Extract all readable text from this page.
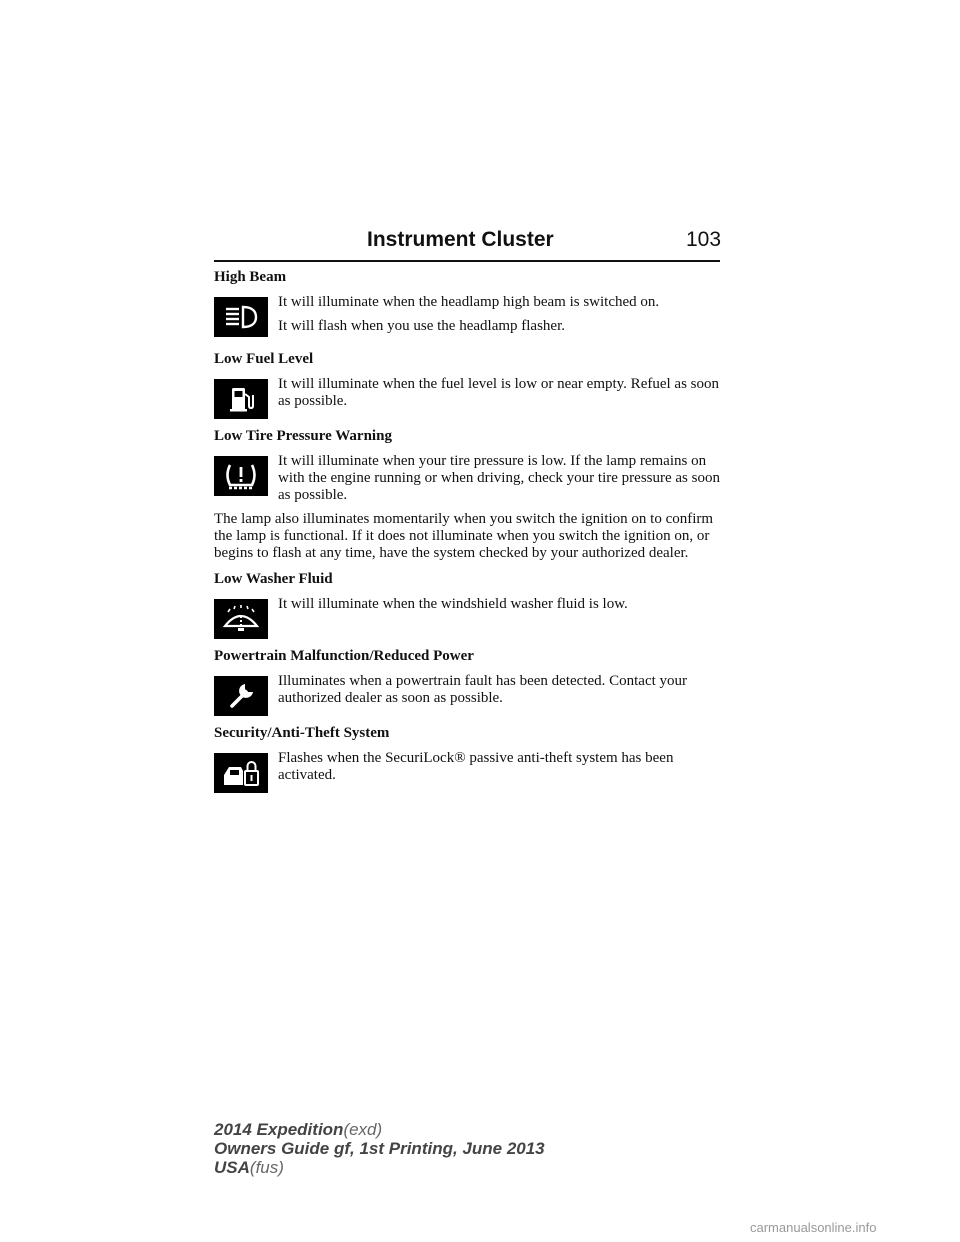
Instrument Cluster	103

High Beam

It will illuminate when the headlamp high beam is switched on.

It will flash when you use the headlamp flasher.

Low Fuel Level

It will illuminate when the fuel level is low or near empty. Refuel as soon as possible.

Low Tire Pressure Warning

It will illuminate when your tire pressure is low. If the lamp remains on with the engine running or when driving, check your tire pressure as soon as possible.

The lamp also illuminates momentarily when you switch the ignition on to confirm the lamp is functional. If it does not illuminate when you switch the ignition on, or begins to flash at any time, have the system checked by your authorized dealer.

Low Washer Fluid

It will illuminate when the windshield washer fluid is low.

Powertrain Malfunction/Reduced Power

Illuminates when a powertrain fault has been detected. Contact your authorized dealer as soon as possible.

Security/Anti-Theft System

Flashes when the SecuriLock® passive anti-theft system has been activated.

2014 Expedition(exd)
Owners Guide gf, 1st Printing, June 2013
USA(fus)
carmanualsonline.info
